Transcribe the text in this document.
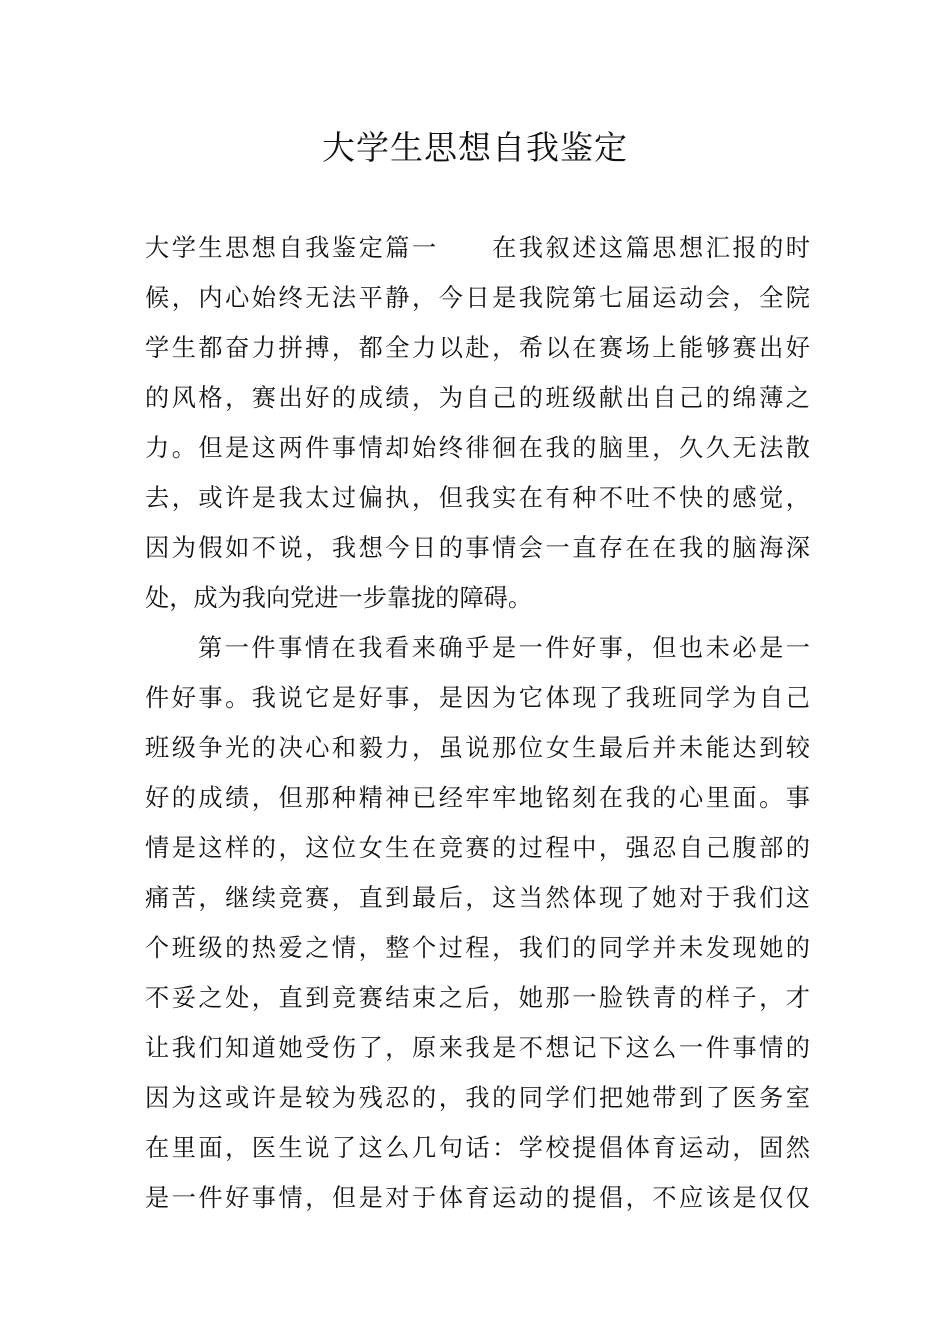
大学生思想自我鉴定
大学生思想自我鉴定篇一　　在我叙述这篇思想汇报的时
候，内心始终无法平静，今日是我院第七届运动会，全院
学生都奋力拼搏，都全力以赴，希以在赛场上能够赛出好
的风格，赛出好的成绩，为自己的班级献出自己的绵薄之
力。但是这两件事情却始终徘徊在我的脑里，久久无法散
去，或许是我太过偏执，但我实在有种不吐不快的感觉，
因为假如不说，我想今日的事情会一直存在在我的脑海深
处，成为我向党进一步靠拢的障碍。
第一件事情在我看来确乎是一件好事，但也未必是一
件好事。我说它是好事，是因为它体现了我班同学为自己
班级争光的决心和毅力，虽说那位女生最后并未能达到较
好的成绩，但那种精神已经牢牢地铭刻在我的心里面。事
情是这样的，这位女生在竞赛的过程中，强忍自己腹部的
痛苦，继续竞赛，直到最后，这当然体现了她对于我们这
个班级的热爱之情，整个过程，我们的同学并未发现她的
不妥之处，直到竞赛结束之后，她那一脸铁青的样子，才
让我们知道她受伤了，原来我是不想记下这么一件事情的
因为这或许是较为残忍的，我的同学们把她带到了医务室
在里面，医生说了这么几句话：学校提倡体育运动，固然
是一件好事情，但是对于体育运动的提倡，不应该是仅仅
